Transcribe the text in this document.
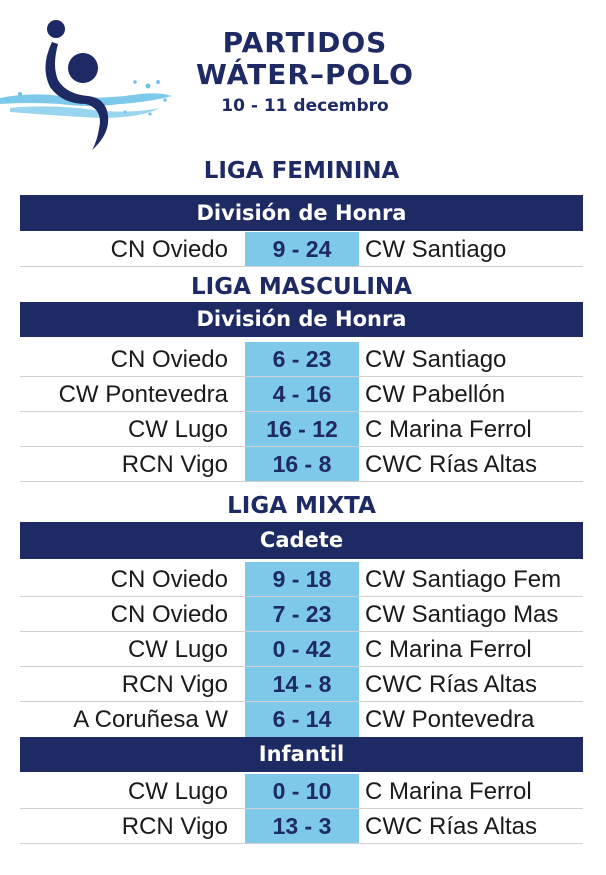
PARTIDOS
WÁTER–POLO
10 - 11 decembro
LIGA FEMININA
División de Honra
CN Oviedo	9 - 24	CW Santiago
LIGA MASCULINA
División de Honra
CN Oviedo	6 - 23	CW Santiago
CW Pontevedra	4 - 16	CW Pabellón
CW Lugo	16 - 12	C Marina Ferrol
RCN Vigo	16 - 8	CWC Rías Altas
LIGA MIXTA
Cadete
CN Oviedo	9 - 18	CW Santiago Fem
CN Oviedo	7 - 23	CW Santiago Mas
CW Lugo	0 - 42	C Marina Ferrol
RCN Vigo	14 - 8	CWC Rías Altas
A Coruñesa W	6 - 14	CW Pontevedra
Infantil
CW Lugo	0 - 10	C Marina Ferrol
RCN Vigo	13 - 3	CWC Rías Altas
